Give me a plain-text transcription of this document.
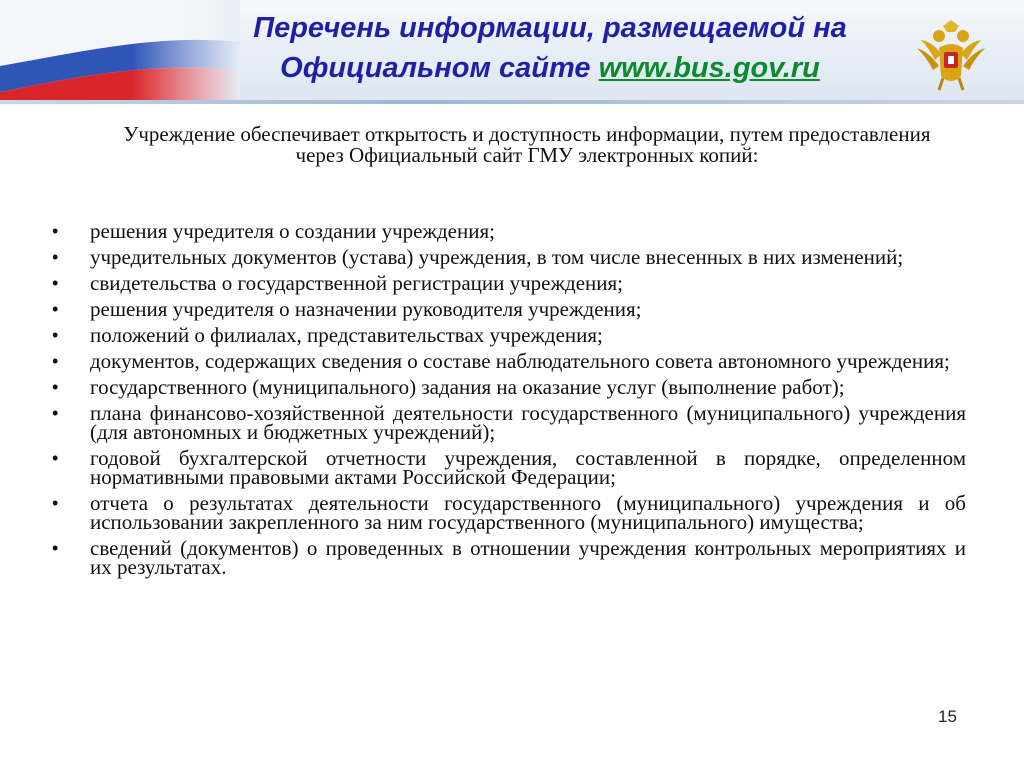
Перечень информации, размещаемой на
Официальном сайте www.bus.gov.ru
Учреждение обеспечивает открытость и доступность информации, путем предоставления через Официальный сайт ГМУ электронных копий:
• решения учредителя о создании учреждения;
• учредительных документов (устава) учреждения, в том числе внесенных в них изменений;
• свидетельства о государственной регистрации учреждения;
• решения учредителя о назначении руководителя учреждения;
• положений о филиалах, представительствах учреждения;
• документов, содержащих сведения о составе наблюдательного совета автономного учреждения;
• государственного (муниципального) задания на оказание услуг (выполнение работ);
• плана финансово-хозяйственной деятельности государственного (муниципального) учреждения (для автономных и бюджетных учреждений);
• годовой бухгалтерской отчетности учреждения, составленной в порядке, определенном нормативными правовыми актами Российской Федерации;
• отчета о результатах деятельности государственного (муниципального) учреждения и об использовании закрепленного за ним государственного (муниципального) имущества;
• сведений (документов) о проведенных в отношении учреждения контрольных мероприятиях и их результатах.
15
